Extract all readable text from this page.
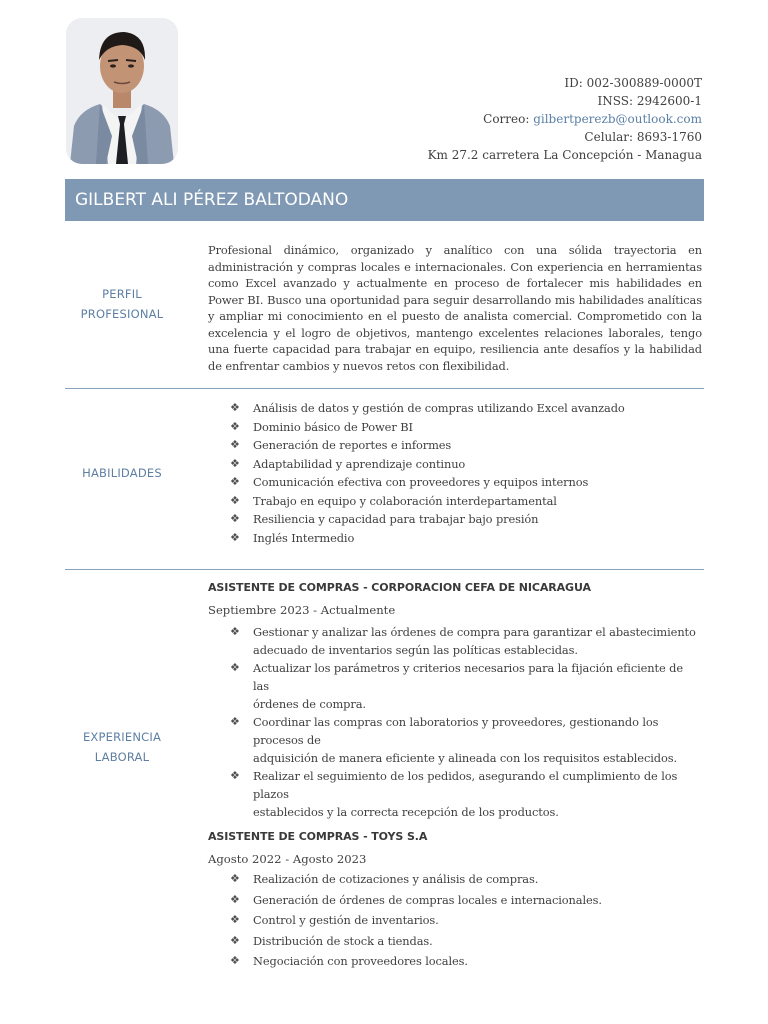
ID: 002-300889-0000T
INSS: 2942600-1
Correo: gilbertperezb@outlook.com
Celular: 8693-1760
Km 27.2 carretera La Concepción - Managua
GILBERT ALI PÉREZ BALTODANO
PERFIL
PROFESIONAL

Profesional dinámico, organizado y analítico con una sólida trayectoria en administración y compras locales e internacionales. Con experiencia en herramientas como Excel avanzado y actualmente en proceso de fortalecer mis habilidades en Power BI. Busco una oportunidad para seguir desarrollando mis habilidades analíticas y ampliar mi conocimiento en el puesto de analista comercial. Comprometido con la excelencia y el logro de objetivos, mantengo excelentes relaciones laborales, tengo una fuerte capacidad para trabajar en equipo, resiliencia ante desafíos y la habilidad de enfrentar cambios y nuevos retos con flexibilidad.

HABILIDADES
❖ Análisis de datos y gestión de compras utilizando Excel avanzado
❖ Dominio básico de Power BI
❖ Generación de reportes e informes
❖ Adaptabilidad y aprendizaje continuo
❖ Comunicación efectiva con proveedores y equipos internos
❖ Trabajo en equipo y colaboración interdepartamental
❖ Resiliencia y capacidad para trabajar bajo presión
❖ Inglés Intermedio
EXPERIENCIA
LABORAL

ASISTENTE DE COMPRAS - CORPORACION CEFA DE NICARAGUA

Septiembre 2023 - Actualmente

❖ Gestionar y analizar las órdenes de compra para garantizar el abastecimiento
adecuado de inventarios según las políticas establecidas.
❖ Actualizar los parámetros y criterios necesarios para la fijación eficiente de las
órdenes de compra.
❖ Coordinar las compras con laboratorios y proveedores, gestionando los procesos de
adquisición de manera eficiente y alineada con los requisitos establecidos.
❖ Realizar el seguimiento de los pedidos, asegurando el cumplimiento de los plazos
establecidos y la correcta recepción de los productos.

ASISTENTE DE COMPRAS - TOYS S.A

Agosto 2022 - Agosto 2023

❖ Realización de cotizaciones y análisis de compras.
❖ Generación de órdenes de compras locales e internacionales.
❖ Control y gestión de inventarios.
❖ Distribución de stock a tiendas.
❖ Negociación con proveedores locales.
